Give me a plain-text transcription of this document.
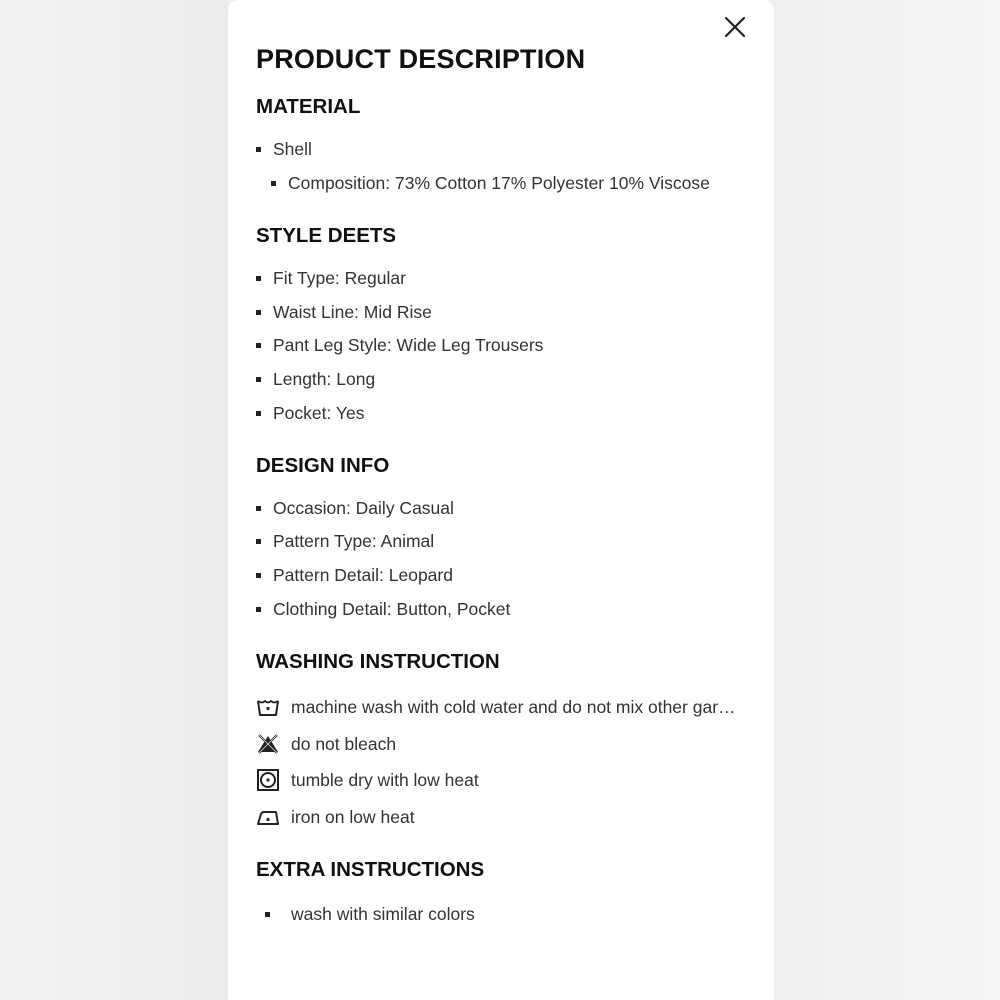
PRODUCT DESCRIPTION
MATERIAL
Shell
Composition: 73% Cotton 17% Polyester 10% Viscose
STYLE DEETS
Fit Type: Regular
Waist Line: Mid Rise
Pant Leg Style: Wide Leg Trousers
Length: Long
Pocket: Yes
DESIGN INFO
Occasion: Daily Casual
Pattern Type: Animal
Pattern Detail: Leopard
Clothing Detail: Button, Pocket
WASHING INSTRUCTION
machine wash with cold water and do not mix other gar…
do not bleach
tumble dry with low heat
iron on low heat
EXTRA INSTRUCTIONS
wash with similar colors
